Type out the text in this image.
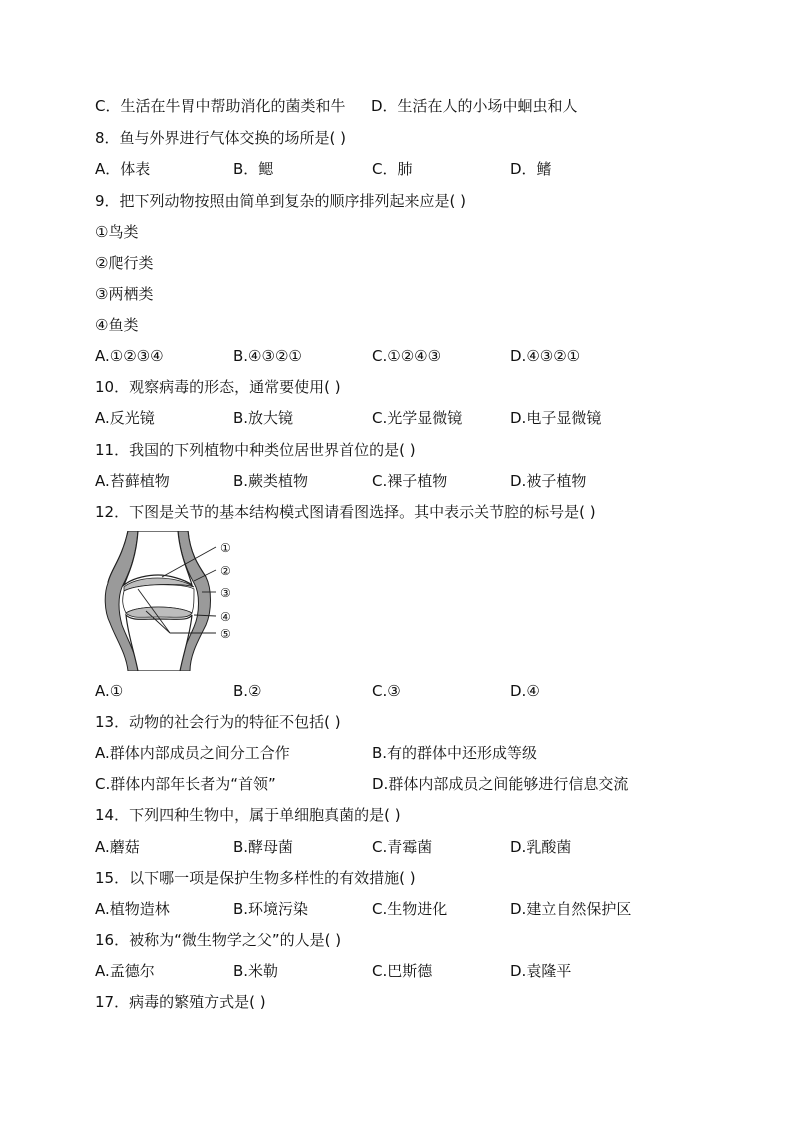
C．生活在牛胃中帮助消化的菌类和牛 D．生活在人的小场中蛔虫和人
8．鱼与外界进行气体交换的场所是( )
A．体表	B．鳃	C．肺	D．鳍
9．把下列动物按照由简单到复杂的顺序排列起来应是( )
①鸟类
②爬行类
③两栖类
④鱼类
A.①②③④	B.④③②①	C.①②④③	D.④③②①
10．观察病毒的形态，通常要使用( )
A.反光镜	B.放大镜	C.光学显微镜	D.电子显微镜
11．我国的下列植物中种类位居世界首位的是( )
A.苔藓植物	B.蕨类植物	C.裸子植物	D.被子植物
12．下图是关节的基本结构模式图请看图选择。其中表示关节腔的标号是( )
①
②
③
④
⑤
A.①	B.②	C.③	D.④
13．动物的社会行为的特征不包括( )
A.群体内部成员之间分工合作	B.有的群体中还形成等级
C.群体内部年长者为“首领”	D.群体内部成员之间能够进行信息交流
14．下列四种生物中，属于单细胞真菌的是( )
A.蘑菇	B.酵母菌	C.青霉菌	D.乳酸菌
15．以下哪一项是保护生物多样性的有效措施( )
A.植物造林	B.环境污染	C.生物进化	D.建立自然保护区
16．被称为“微生物学之父”的人是( )
A.孟德尔	B.米勒	C.巴斯德	D.袁隆平
17．病毒的繁殖方式是( )
